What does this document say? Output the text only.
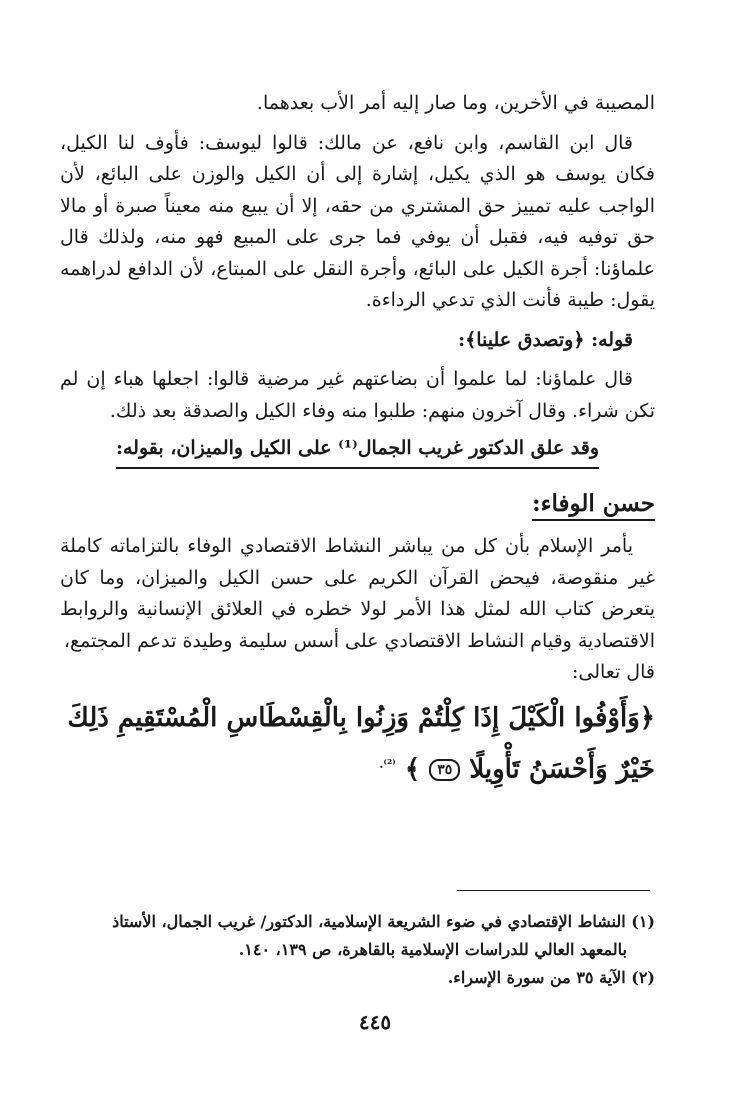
المصيبة في الأخرين، وما صار إليه أمر الأب بعدهما.

قال ابن القاسم، وابن نافع، عن مالك: قالوا ليوسف: فأوف لنا الكيل، فكان يوسف هو الذي يكيل، إشارة إلى أن الكيل والوزن على البائع، لأن الواجب عليه تمييز حق المشتري من حقه، إلا أن يبيع منه معيناً صبرة أو مالا حق توفيه فيه، فقبل أن يوفي فما جرى على المبيع فهو منه، ولذلك قال علماؤنا: أجرة الكيل على البائع، وأجرة النقل على المبتاع، لأن الدافع لدراهمه يقول: طيبة فأنت الذي تدعي الرداءة.

قوله: ﴿وتصدق علينا﴾:

قال علماؤنا: لما علموا أن بضاعتهم غير مرضية قالوا: اجعلها هباء إن لم تكن شراء. وقال آخرون منهم: طلبوا منه وفاء الكيل والصدقة بعد ذلك.

وقد علق الدكتور غريب الجمال⁽¹⁾ على الكيل والميزان، بقوله:
حسن الوفاء:

يأمر الإسلام بأن كل من يباشر النشاط الاقتصادي الوفاء بالتزاماته كاملة غير منقوصة، فيحض القرآن الكريم على حسن الكيل والميزان، وما كان يتعرض كتاب الله لمثل هذا الأمر لولا خطره في العلائق الإنسانية والروابط الاقتصادية وقيام النشاط الاقتصادي على أسس سليمة وطيدة تدعم المجتمع،

قال تعالى:

﴿وَأَوْفُوا الْكَيْلَ إِذَا كِلْتُمْ وَزِنُوا بِالْقِسْطَاسِ الْمُسْتَقِيمِ ذَلِكَ خَيْرٌ وَأَحْسَنُ تَأْوِيلًا ٣٥ ﴾ $^{^{(2)}.}$

(١) النشاط الإقتصادي في ضوء الشريعة الإسلامية، الدكتور/ غريب الجمال، الأستاذ

بالمعهد العالي للدراسات الإسلامية بالقاهرة، ص ١٣٩، ١٤٠.

(٢) الآية ٣٥ من سورة الإسراء.

٤٤٥
